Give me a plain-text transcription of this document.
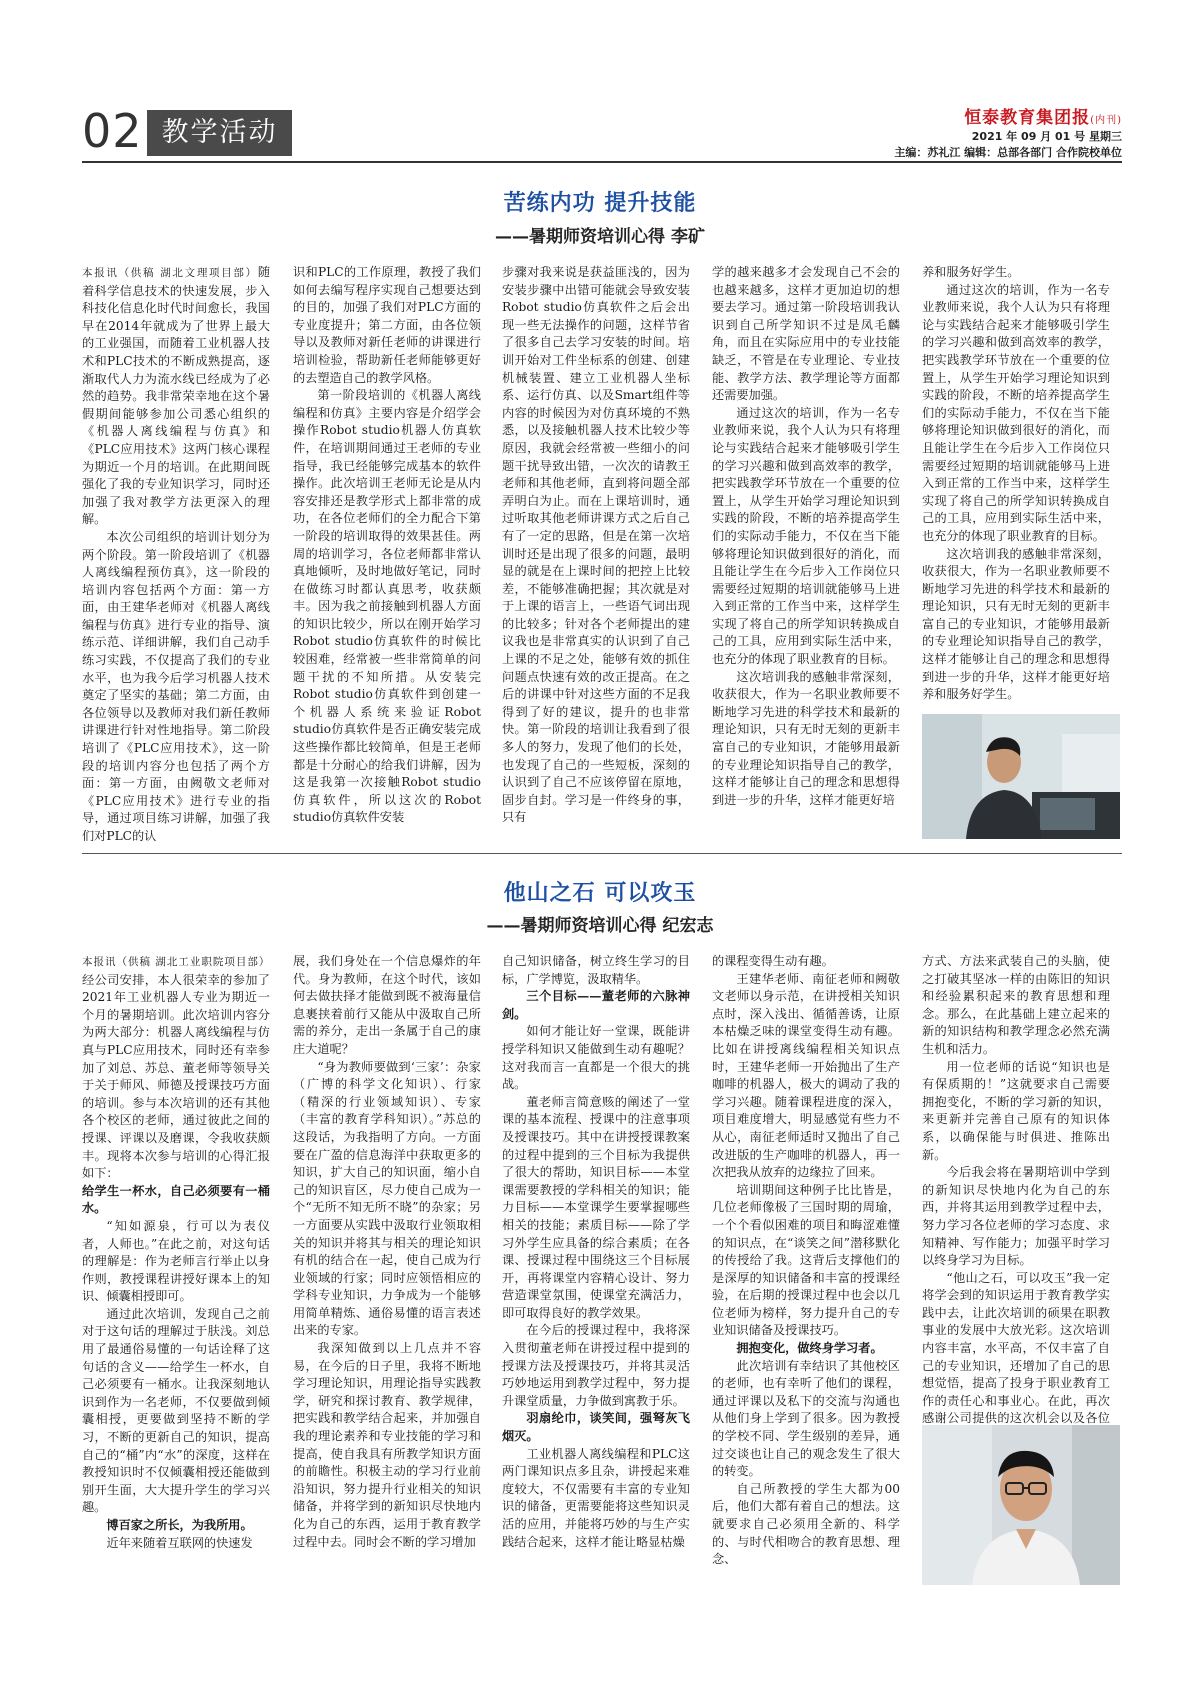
02 教学活动	恒泰教育集团报(内刊)
2021 年 09 月 01 号 星期三
主编：苏礼江 编辑：总部各部门 合作院校单位
苦练内功 提升技能
——暑期师资培训心得 李矿

本报讯（供稿 湖北文理项目部）随着科学信息技术的快速发展，步入科技化信息化时代时间愈长，我国早在2014年就成为了世界上最大的工业强国，而随着工业机器人技术和PLC技术的不断成熟提高，逐渐取代人力为流水线已经成为了必然的趋势。我非常荣幸地在这个暑假期间能够参加公司悉心组织的《机器人离线编程与仿真》和《PLC应用技术》这两门核心课程为期近一个月的培训。在此期间既强化了我的专业知识学习，同时还加强了我对教学方法更深入的理解。

本次公司组织的培训计划分为两个阶段。第一阶段培训了《机器人离线编程预仿真》，这一阶段的培训内容包括两个方面：第一方面，由王建华老师对《机器人离线编程与仿真》进行专业的指导、演练示范、详细讲解，我们自己动手练习实践，不仅提高了我们的专业水平，也为我今后学习机器人技术奠定了坚实的基础；第二方面，由各位领导以及教师对我们新任教师讲课进行针对性地指导。第二阶段培训了《PLC应用技术》，这一阶段的培训内容分也包括了两个方面：第一方面，由阙敬文老师对《PLC应用技术》进行专业的指导，通过项目练习讲解，加强了我们对PLC的认

识和PLC的工作原理，教授了我们如何去编写程序实现自己想要达到的目的，加强了我们对PLC方面的专业度提升；第二方面，由各位领导以及教师对新任老师的讲课进行培训检验，帮助新任老师能够更好的去塑造自己的教学风格。

第一阶段培训的《机器人离线编程和仿真》主要内容是介绍学会操作Robot studio机器人仿真软件，在培训期间通过王老师的专业指导，我已经能够完成基本的软件操作。此次培训王老师无论是从内容安排还是教学形式上都非常的成功，在各位老师们的全力配合下第一阶段的培训取得的效果甚佳。两周的培训学习，各位老师都非常认真地倾听，及时地做好笔记，同时在做练习时都认真思考，收获颇丰。因为我之前接触到机器人方面的知识比较少，所以在刚开始学习Robot studio仿真软件的时候比较困难，经常被一些非常简单的问题干扰的不知所措。从安装完Robot studio仿真软件到创建一个机器人系统来验证Robot studio仿真软件是否正确安装完成这些操作都比较简单，但是王老师都是十分耐心的给我们讲解，因为这是我第一次接触Robot studio仿真软件，所以这次的Robot studio仿真软件安装

步骤对我来说是获益匪浅的，因为安装步骤中出错可能就会导致安装Robot studio仿真软件之后会出现一些无法操作的问题，这样节省了很多自己去学习安装的时间。培训开始对工件坐标系的创建、创建机械装置、建立工业机器人坐标系、运行仿真、以及Smart组件等内容的时候因为对仿真环境的不熟悉，以及接触机器人技术比较少等原因，我就会经常被一些细小的问题干扰导致出错，一次次的请教王老师和其他老师，直到将问题全部弄明白为止。而在上课培训时，通过听取其他老师讲课方式之后自己有了一定的思路，但是在第一次培训时还是出现了很多的问题，最明显的就是在上课时间的把控上比较差，不能够准确把握；其次就是对于上课的语言上，一些语气词出现的比较多；针对各个老师提出的建议我也是非常真实的认识到了自己上课的不足之处，能够有效的抓住问题点快速有效的改正提高。在之后的讲课中针对这些方面的不足我得到了好的建议，提升的也非常快。第一阶段的培训让我看到了很多人的努力，发现了他们的长处，也发现了自己的一些短板，深刻的认识到了自己不应该停留在原地，固步自封。学习是一件终身的事，只有

学的越来越多才会发现自己不会的也越来越多，这样才更加迫切的想要去学习。通过第一阶段培训我认识到自己所学知识不过是凤毛麟角，而且在实际应用中的专业技能缺乏，不管是在专业理论、专业技能、教学方法、教学理论等方面都还需要加强。

通过这次的培训，作为一名专业教师来说，我个人认为只有将理论与实践结合起来才能够吸引学生的学习兴趣和做到高效率的教学，把实践教学环节放在一个重要的位置上，从学生开始学习理论知识到实践的阶段，不断的培养提高学生们的实际动手能力，不仅在当下能够将理论知识做到很好的消化，而且能让学生在今后步入工作岗位只需要经过短期的培训就能够马上进入到正常的工作当中来，这样学生实现了将自己的所学知识转换成自己的工具，应用到实际生活中来，也充分的体现了职业教育的目标。

这次培训我的感触非常深刻，收获很大，作为一名职业教师要不断地学习先进的科学技术和最新的理论知识，只有无时无刻的更新丰富自己的专业知识，才能够用最新的专业理论知识指导自己的教学，这样才能够让自己的理念和思想得到进一步的升华，这样才能更好培

养和服务好学生。

通过这次的培训，作为一名专业教师来说，我个人认为只有将理论与实践结合起来才能够吸引学生的学习兴趣和做到高效率的教学，把实践教学环节放在一个重要的位置上，从学生开始学习理论知识到实践的阶段，不断的培养提高学生们的实际动手能力，不仅在当下能够将理论知识做到很好的消化，而且能让学生在今后步入工作岗位只需要经过短期的培训就能够马上进入到正常的工作当中来，这样学生实现了将自己的所学知识转换成自己的工具，应用到实际生活中来，也充分的体现了职业教育的目标。

这次培训我的感触非常深刻，收获很大，作为一名职业教师要不断地学习先进的科学技术和最新的理论知识，只有无时无刻的更新丰富自己的专业知识，才能够用最新的专业理论知识指导自己的教学，这样才能够让自己的理念和思想得到进一步的升华，这样才能更好培养和服务好学生。

他山之石 可以攻玉
——暑期师资培训心得 纪宏志

本报讯（供稿 湖北工业职院项目部）经公司安排，本人很荣幸的参加了2021年工业机器人专业为期近一个月的暑期培训。此次培训内容分为两大部分：机器人离线编程与仿真与PLC应用技术，同时还有幸参加了刘总、苏总、董老师等领导关于关于师风、师德及授课技巧方面的培训。参与本次培训的还有其他各个校区的老师，通过彼此之间的授课、评课以及磨课，令我收获颇丰。现将本次参与培训的心得汇报如下：

给学生一杯水，自己必须要有一桶水。

“知如源泉，行可以为表仪者，人师也。”在此之前，对这句话的理解是：作为老师言行举止以身作则，教授课程讲授好课本上的知识、倾囊相授即可。

通过此次培训，发现自己之前对于这句话的理解过于肤浅。刘总用了最通俗易懂的一句话诠释了这句话的含义——给学生一杯水，自己必须要有一桶水。让我深刻地认识到作为一名老师，不仅要做到倾囊相授，更要做到坚持不断的学习，不断的更新自己的知识，提高自己的“桶”内“水”的深度，这样在教授知识时不仅倾囊相授还能做到别开生面，大大提升学生的学习兴趣。

博百家之所长，为我所用。

近年来随着互联网的快速发

展，我们身处在一个信息爆炸的年代。身为教师，在这个时代，该如何去做扶择才能做到既不被海量信息裹挟着前行又能从中汲取自己所需的养分，走出一条属于自己的康庄大道呢？

“身为教师要做到‘三家’：杂家（广博的科学文化知识）、行家（精深的行业领域知识）、专家（丰富的教育学科知识）。”苏总的这段话，为我指明了方向。一方面要在广盈的信息海洋中获取更多的知识，扩大自己的知识面，缩小自己的知识盲区，尽力使自己成为一个“无所不知无所不晓”的杂家；另一方面要从实践中汲取行业领取相关的知识并将其与相关的理论知识有机的结合在一起，使自己成为行业领域的行家；同时应领悟相应的学科专业知识，力争成为一个能够用简单精炼、通俗易懂的语言表述出来的专家。

我深知做到以上几点并不容易，在今后的日子里，我将不断地学习理论知识，用理论指导实践教学，研究和探讨教育、教学规律，把实践和教学结合起来，并加强自我的理论素养和专业技能的学习和提高，使自我具有所教学知识方面的前瞻性。积极主动的学习行业前沿知识，努力提升行业相关的知识储备，并将学到的新知识尽快地内化为自己的东西，运用于教育教学过程中去。同时会不断的学习增加

自己知识储备，树立终生学习的目标，广学博览，汲取精华。

三个目标——董老师的六脉神剑。

如何才能让好一堂课，既能讲授学科知识又能做到生动有趣呢？这对我而言一直都是一个很大的挑战。

董老师言简意赅的阐述了一堂课的基本流程、授课中的注意事项及授课技巧。其中在讲授授课教案的过程中提到的三个目标为我提供了很大的帮助，知识目标——本堂课需要教授的学科相关的知识；能力目标——本堂课学生要掌握哪些相关的技能；素质目标——除了学习外学生应具备的综合素质；在各课、授课过程中围绕这三个目标展开，再将课堂内容精心设计、努力营造课堂氛围，使课堂充满活力，即可取得良好的教学效果。

在今后的授课过程中，我将深入贯彻董老师在讲授过程中提到的授课方法及授课技巧，并将其灵活巧妙地运用到教学过程中，努力提升课堂质量，力争做到寓教于乐。

羽扇纶巾，谈笑间，强弩灰飞烟灭。

工业机器人离线编程和PLC这两门课知识点多且杂，讲授起来难度较大，不仅需要有丰富的专业知识的储备，更需要能将这些知识灵活的应用，并能将巧妙的与生产实践结合起来，这样才能让略显枯燥

的课程变得生动有趣。

王建华老师、南征老师和阙敬文老师以身示范，在讲授相关知识点时，深入浅出、循循善诱，让原本枯燥乏味的课堂变得生动有趣。比如在讲授离线编程相关知识点时，王建华老师一开始抛出了生产咖啡的机器人，极大的调动了我的学习兴趣。随着课程进度的深入，项目难度增大，明显感觉有些力不从心，南征老师适时又抛出了自己改进版的生产咖啡的机器人，再一次把我从放弃的边缘拉了回来。

培训期间这种例子比比皆是，几位老师像极了三国时期的周瑜，一个个看似困难的项目和晦涩难懂的知识点，在“谈笑之间”潜移默化的传授给了我。这背后支撑他们的是深厚的知识储备和丰富的授课经验，在后期的授课过程中也会以几位老师为榜样，努力提升自己的专业知识储备及授课技巧。

拥抱变化，做终身学习者。

此次培训有幸结识了其他校区的老师，也有幸听了他们的课程，通过评课以及私下的交流与沟通也从他们身上学到了很多。因为教授的学校不同、学生级别的差异，通过交谈也让自己的观念发生了很大的转变。

自己所教授的学生大都为00后，他们大都有着自己的想法。这就要求自己必须用全新的、科学的、与时代相吻合的教育思想、理念、

方式、方法来武装自己的头脑，使之打破其坚冰一样的由陈旧的知识和经验累积起来的教育思想和理念。那么，在此基础上建立起来的新的知识结构和教学理念必然充满生机和活力。

用一位老师的话说“知识也是有保质期的！”这就要求自己需要拥抱变化，不断的学习新的知识，来更新并完善自己原有的知识体系，以确保能与时俱进、推陈出新。

今后我会将在暑期培训中学到的新知识尽快地内化为自己的东西，并将其运用到教学过程中去，努力学习各位老师的学习态度、求知精神、写作能力；加强平时学习以终身学习为目标。

“他山之石，可以攻玉”我一定将学会到的知识运用于教育教学实践中去，让此次培训的硕果在职教事业的发展中大放光彩。这次培训内容丰富，水平高，不仅丰富了自己的专业知识，还增加了自己的思想觉悟，提高了投身于职业教育工作的责任心和事业心。在此，再次感谢公司提供的这次机会以及各位
